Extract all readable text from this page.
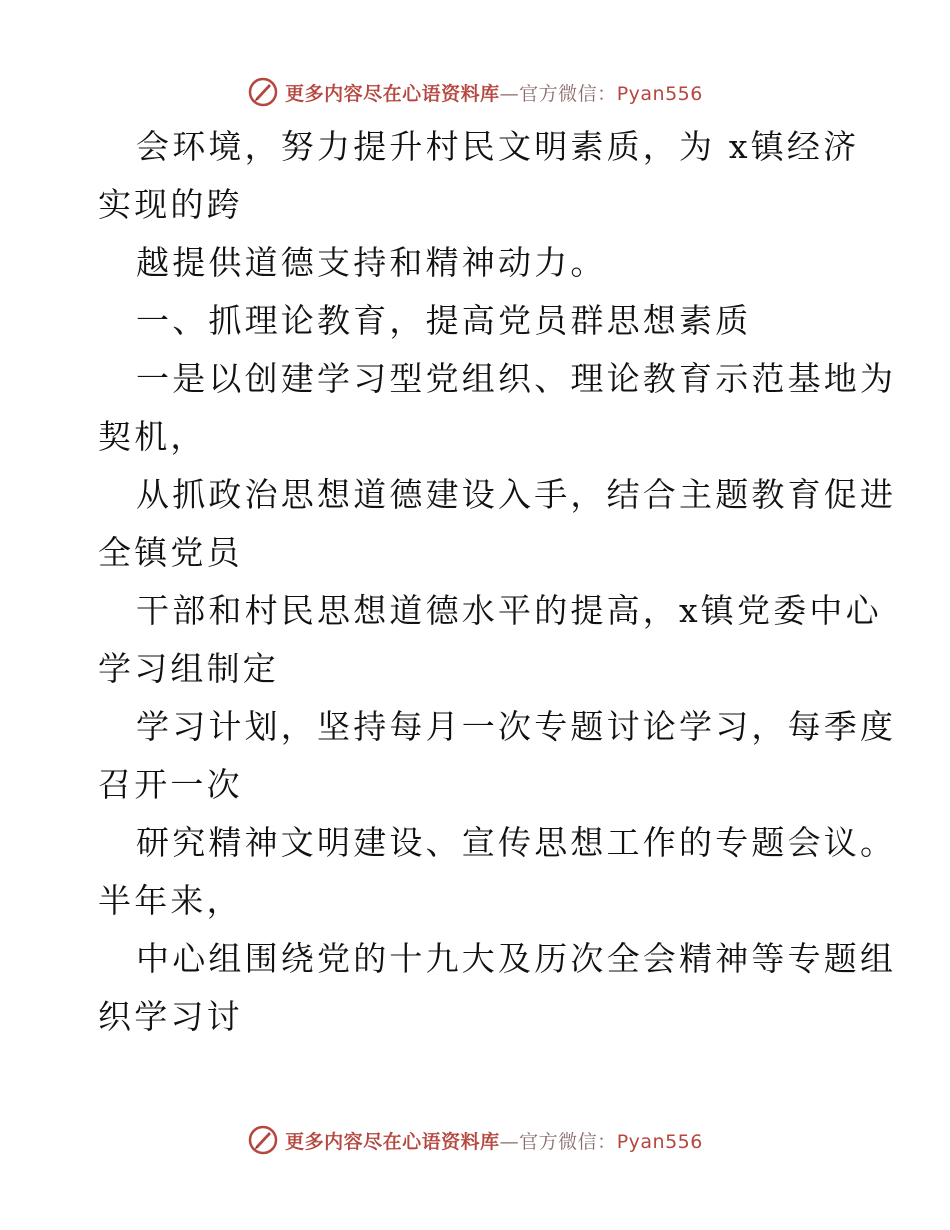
更多内容尽在心语资料库—官方微信：Pyan556
会环境，努力提升村民文明素质，为 x镇经济
实现的跨
越提供道德支持和精神动力。
一、抓理论教育，提高党员群思想素质
一是以创建学习型党组织、理论教育示范基地为
契机，
从抓政治思想道德建设入手，结合主题教育促进
全镇党员
干部和村民思想道德水平的提高，x镇党委中心
学习组制定
学习计划，坚持每月一次专题讨论学习，每季度
召开一次
研究精神文明建设、宣传思想工作的专题会议。
半年来，
中心组围绕党的十九大及历次全会精神等专题组
织学习讨
更多内容尽在心语资料库—官方微信：Pyan556
